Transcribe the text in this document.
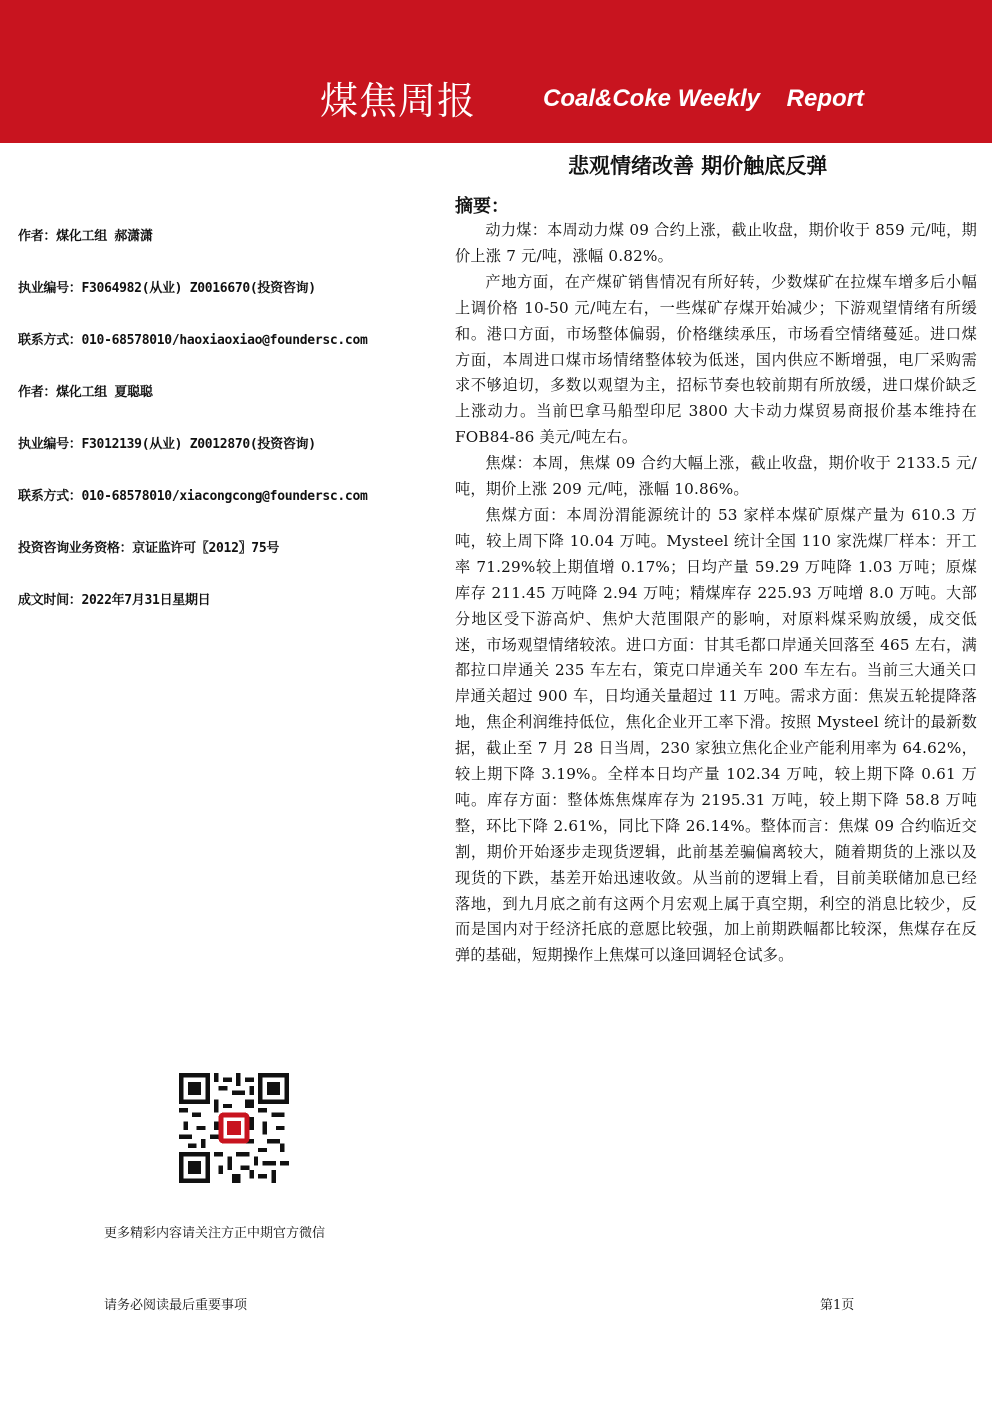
煤焦周报	Coal&Coke Weekly    Report
悲观情绪改善 期价触底反弹
作者：煤化工组 郝潇潇
执业编号：F3064982(从业) Z0016670(投资咨询)
联系方式：010-68578010/haoxiaoxiao@foundersc.com
作者：煤化工组 夏聪聪
执业编号：F3012139(从业) Z0012870(投资咨询)
联系方式：010-68578010/xiacongcong@foundersc.com
投资咨询业务资格：京证监许可〖2012〗75号
成文时间：2022年7月31日星期日
摘要：

动力煤：本周动力煤 09 合约上涨，截止收盘，期价收于 859 元/吨，期价上涨 7 元/吨，涨幅 0.82%。

产地方面，在产煤矿销售情况有所好转，少数煤矿在拉煤车增多后小幅上调价格 10-50 元/吨左右，一些煤矿存煤开始减少；下游观望情绪有所缓和。港口方面，市场整体偏弱，价格继续承压，市场看空情绪蔓延。进口煤方面，本周进口煤市场情绪整体较为低迷，国内供应不断增强，电厂采购需求不够迫切，多数以观望为主，招标节奏也较前期有所放缓，进口煤价缺乏上涨动力。当前巴拿马船型印尼 3800 大卡动力煤贸易商报价基本维持在 FOB84-86 美元/吨左右。

焦煤：本周，焦煤 09 合约大幅上涨，截止收盘，期价收于 2133.5 元/吨，期价上涨 209 元/吨，涨幅 10.86%。

焦煤方面：本周汾渭能源统计的 53 家样本煤矿原煤产量为 610.3 万吨，较上周下降 10.04 万吨。Mysteel 统计全国 110 家洗煤厂样本：开工率 71.29%较上期值增 0.17%；日均产量 59.29 万吨降 1.03 万吨；原煤库存 211.45 万吨降 2.94 万吨；精煤库存 225.93 万吨增 8.0 万吨。大部分地区受下游高炉、焦炉大范围限产的影响，对原料煤采购放缓，成交低迷，市场观望情绪较浓。进口方面：甘其毛都口岸通关回落至 465 左右，满都拉口岸通关 235 车左右，策克口岸通关车 200 车左右。当前三大通关口岸通关超过 900 车，日均通关量超过 11 万吨。需求方面：焦炭五轮提降落地，焦企利润维持低位，焦化企业开工率下滑。按照 Mysteel 统计的最新数据，截止至 7 月 28 日当周，230 家独立焦化企业产能利用率为 64.62%，较上期下降 3.19%。全样本日均产量 102.34 万吨，较上期下降 0.61 万吨。库存方面：整体炼焦煤库存为 2195.31 万吨，较上期下降 58.8 万吨整，环比下降 2.61%，同比下降 26.14%。整体而言：焦煤 09 合约临近交割，期价开始逐步走现货逻辑，此前基差骗偏离较大，随着期货的上涨以及现货的下跌，基差开始迅速收敛。从当前的逻辑上看，目前美联储加息已经落地，到九月底之前有这两个月宏观上属于真空期，利空的消息比较少，反而是国内对于经济托底的意愿比较强，加上前期跌幅都比较深，焦煤存在反弹的基础，短期操作上焦煤可以逢回调轻仓试多。

更多精彩内容请关注方正中期官方微信
请务必阅读最后重要事项	第1页
